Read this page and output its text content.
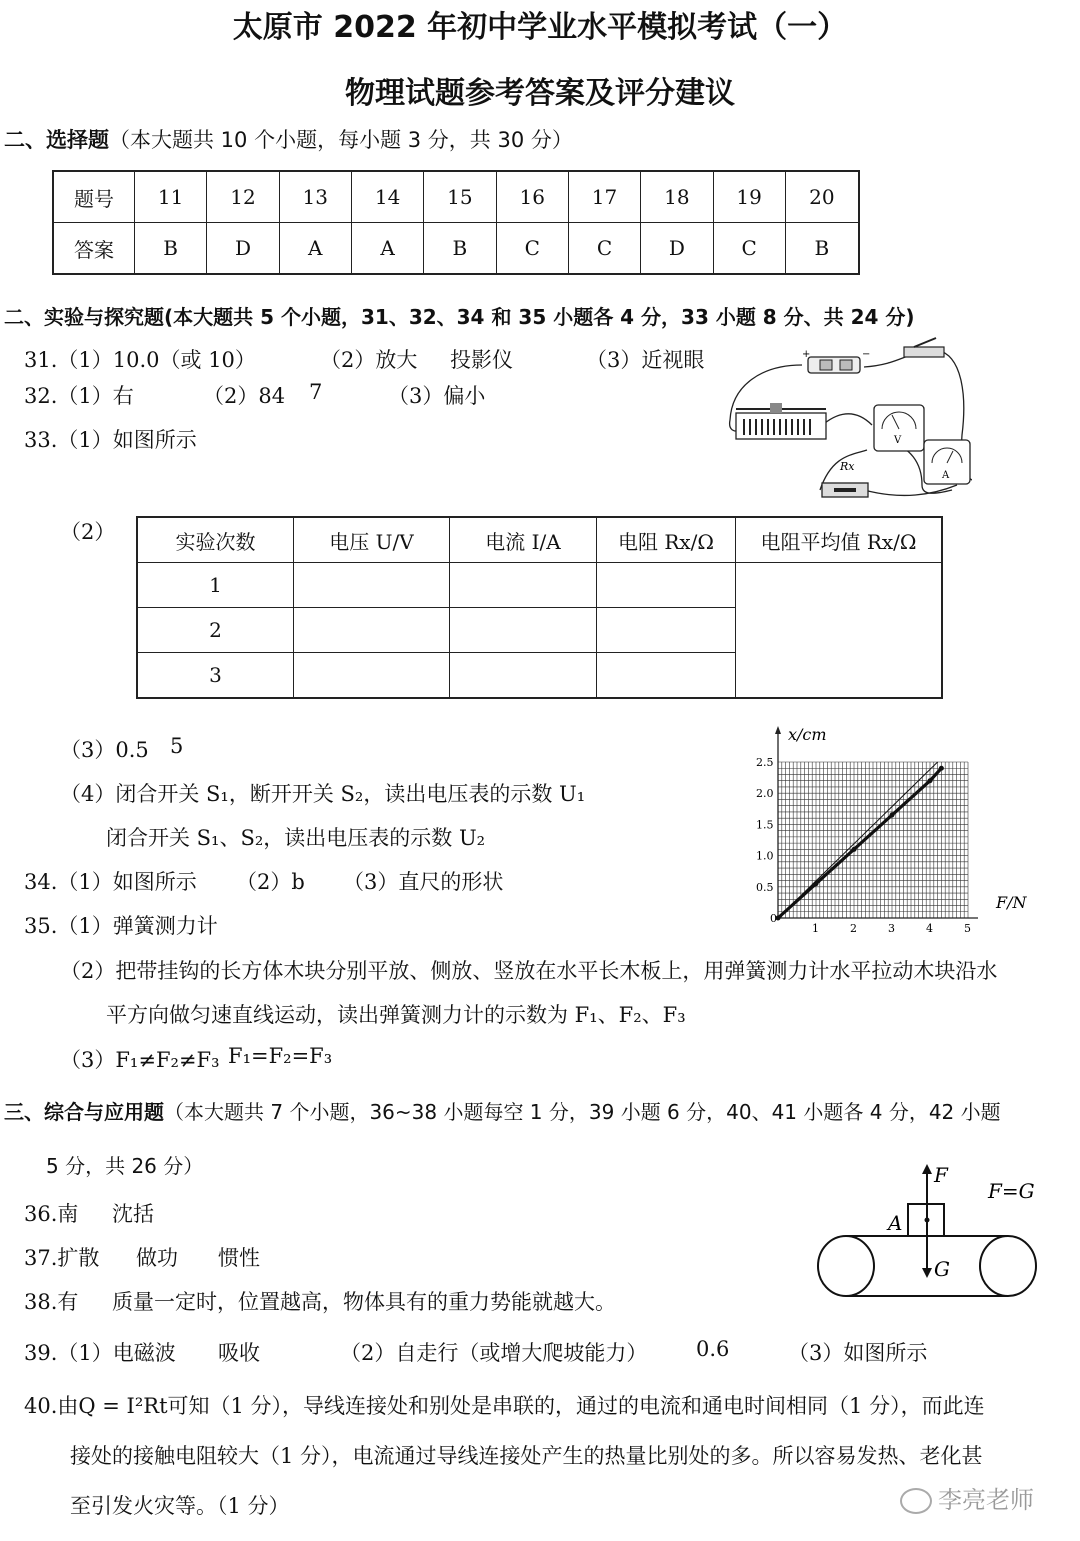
太原市 2022 年初中学业水平模拟考试（一）
物理试题参考答案及评分建议
二、选择题（本大题共 10 个小题，每小题 3 分，共 30 分）
题号	11	12	13	14	15	16	17	18	19	20
答案	B	D	A	A	B	C	C	D	C	B
二、实验与探究题(本大题共 5 个小题，31、32、34 和 35 小题各 4 分，33 小题 8 分、共 24 分)
31.（1）10.0（或 10）	（2）放大 投影仪	（3）近视眼
32.（1）右	（2）84 7	（3）偏小
33.（1）如图所示
+	−
V
A
Rx
（2）	实验次数	电压 U/V	电流 I/A	电阻 Rx/Ω	电阻平均值 Rx/Ω
1				
2				
3				
（3）0.5 5
（4）闭合开关 S₁，断开开关 S₂，读出电压表的示数 U₁
闭合开关 S₁、S₂，读出电压表的示数 U₂
34.（1）如图所示 （2）b （3）直尺的形状
1	2	3	4	5
2.5
2.0
1.5
1.0
0.5
x/cm
F/N
0
35.（1）弹簧测力计
（2）把带挂钩的长方体木块分别平放、侧放、竖放在水平长木板上，用弹簧测力计水平拉动木块沿水
平方向做匀速直线运动，读出弹簧测力计的示数为 F₁、F₂、F₃
（3）F₁≠F₂≠F₃ F₁=F₂=F₃
三、综合与应用题（本大题共 7 个小题，36~38 小题每空 1 分，39 小题 6 分，40、41 小题各 4 分，42 小题
5 分，共 26 分）	F
G
A
F=G
36.南 沈括
37.扩散 做功 惯性
38.有 质量一定时，位置越高，物体具有的重力势能就越大。
39.（1）电磁波 吸收	（2）自走行（或增大爬坡能力） 0.6	（3）如图所示
40.由Q = I²Rt可知（1 分），导线连接处和别处是串联的，通过的电流和通电时间相同（1 分），而此连
接处的接触电阻较大（1 分），电流通过导线连接处产生的热量比别处的多。所以容易发热、老化甚
至引发火灾等。（1 分）	李亮老师
